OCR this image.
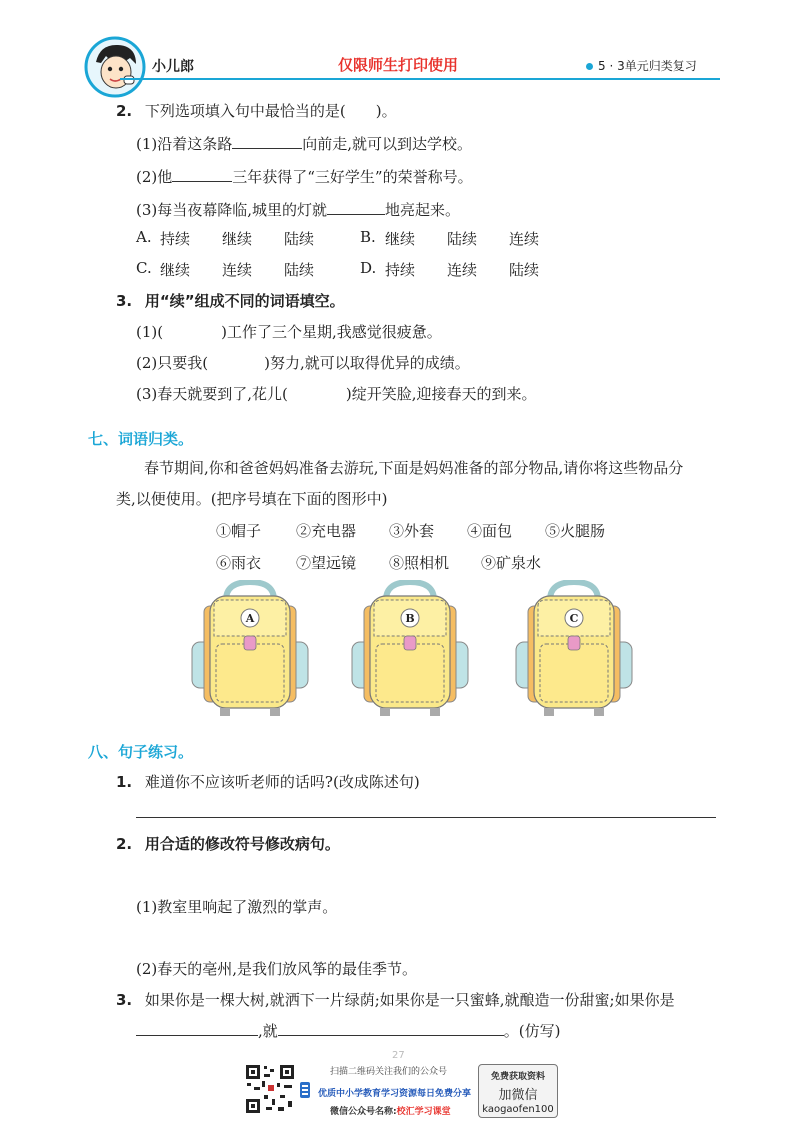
小儿郎	仅限师生打印使用	5 · 3单元归类复习
2. 下列选项填入句中最恰当的是(　　)。
(1)沿着这条路	向前走,就可以到达学校。
(2)他	三年获得了“三好学生”的荣誉称号。
(3)每当夜幕降临,城里的灯就	地亮起来。
A. 持续 继续 陆续	B. 继续 陆续 连续
C. 继续 连续 陆续	D. 持续 连续 陆续
3. 用“续”组成不同的词语填空。
(1)(	)工作了三个星期,我感觉很疲惫。
(2)只要我(	)努力,就可以取得优异的成绩。
(3)春天就要到了,花儿(	)绽开笑脸,迎接春天的到来。
七、词语归类。
春节期间,你和爸爸妈妈准备去游玩,下面是妈妈准备的部分物品,请你将这些物品分
类,以便使用。(把序号填在下面的图形中)
①帽子 ②充电器 ③外套 ④面包 ⑤火腿肠
⑥雨衣 ⑦望远镜 ⑧照相机 ⑨矿泉水
A	B	C
八、句子练习。
1. 难道你不应该听老师的话吗?(改成陈述句)
2. 用合适的修改符号修改病句。
(1)教室里响起了激烈的掌声。
(2)春天的亳州,是我们放风筝的最佳季节。
3. 如果你是一棵大树,就洒下一片绿荫;如果你是一只蜜蜂,就酿造一份甜蜜;如果你是
,就	。(仿写)
27
扫描二维码关注我们的公众号
优质中小学教育学习资源每日免费分享
微信公众号名称:校汇学习课堂
免费获取资料
加微信
kaogaofen100
